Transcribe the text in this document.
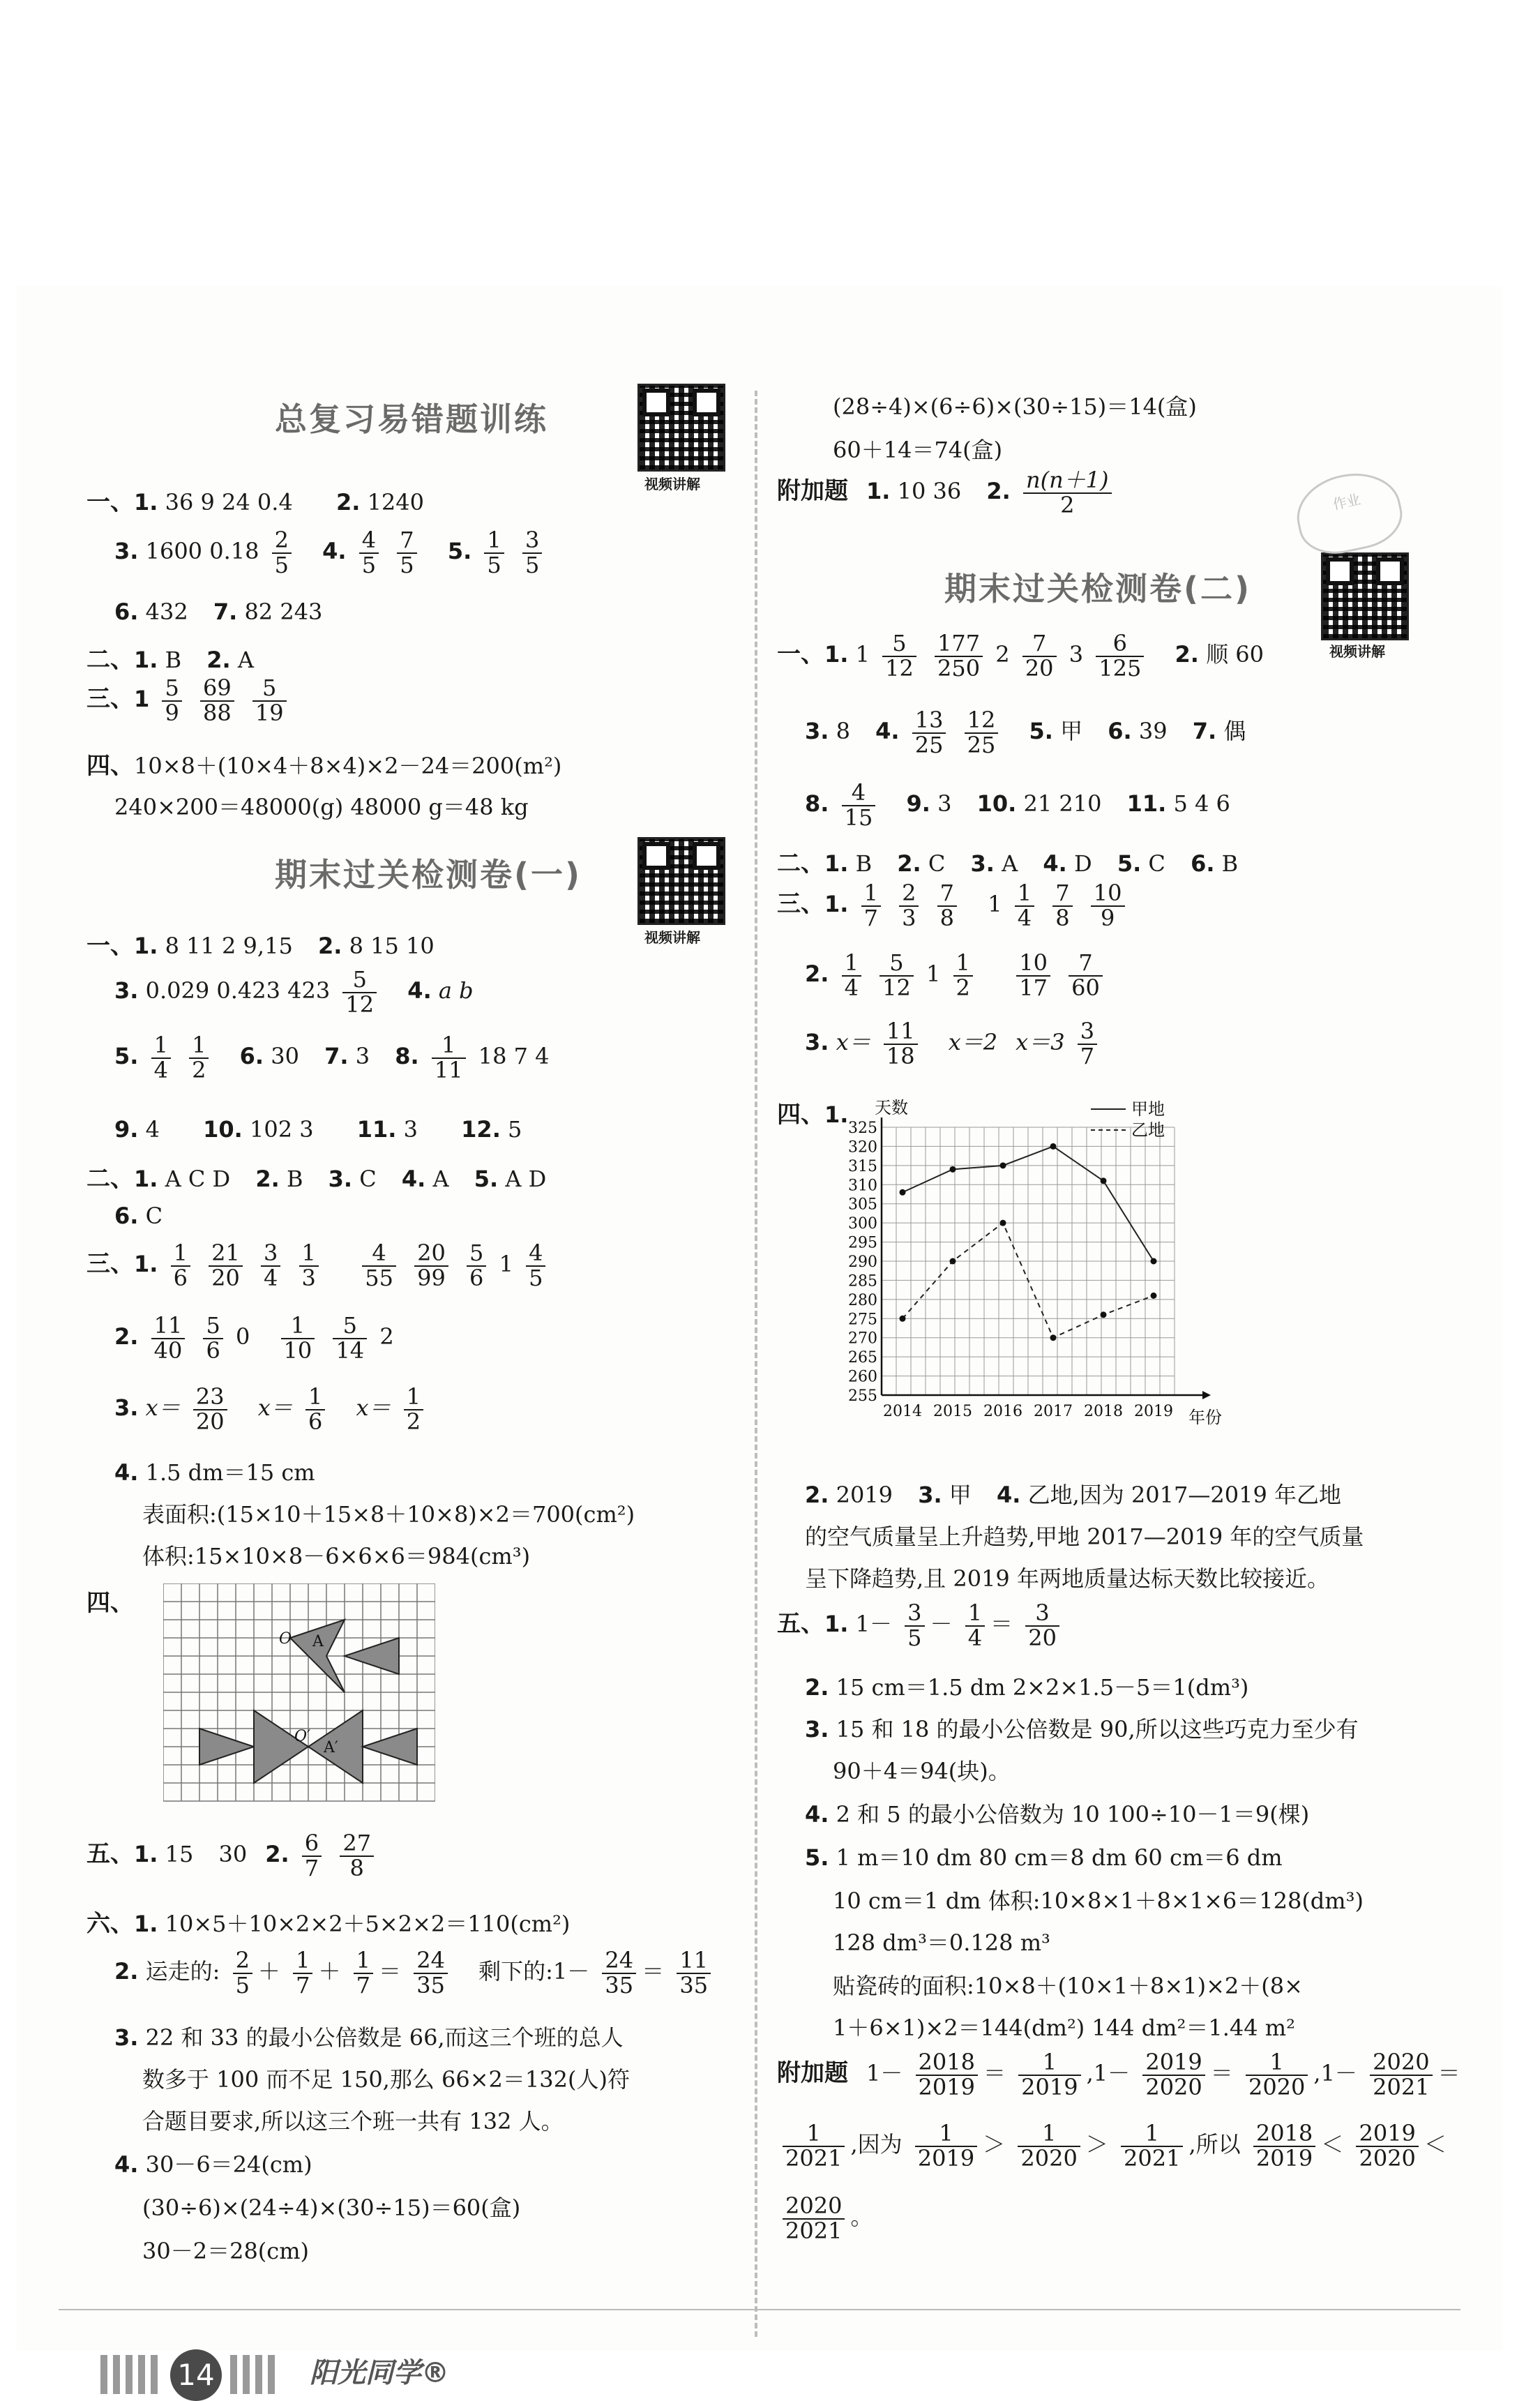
总复习易错题训练
视频讲解
一、1. 36 9 24 0.4̇ 2. 1240
3. 1600 $0.18 \frac{2}{5} 4$. $\frac{4}{5}$
$\frac{7}{5} 5$. $\frac{1}{5}$
$\frac{3}{5}$
6. 432 7. 82 243
二、1. B 2. A
三、$1 \frac{5}{9}$
$\frac{69}{88}$
$\frac{5}{19}$
四、10×8＋(10×4＋8×4)×2－24＝200(m²)
240×200＝48000(g) 48000 g＝48 kg
期末过关检测卷(一)
视频讲解
一、1. 8 11 2 9,15 2. 8 15 10
3. 0.029 0.423 $423 \frac{5}{12} 4$. a b
5. $\frac{1}{4}$
$\frac{1}{2} 6$. 30 7. 3 8. $\frac{1}{11} 18$ 7 4
9. 4 10. 102 3 11. 3 12. 5
二、1. A C D 2. B 3. C 4. A 5. A D
6. C
三、1. $\frac{1}{6}$
$\frac{21}{20}$
$\frac{3}{4}$
$\frac{1}{3}$
$\frac{4}{55}$
$\frac{20}{99}$
$\frac{5}{6} 1 \frac{4}{5}$
2. $\frac{11}{40}$
$\frac{5}{6} 0 \frac{1}{10}$
$\frac{5}{14} 2$
3. $x= \frac{23}{20} x= \frac{1}{6} x= \frac{1}{2}$
4. 1.5 dm＝15 cm
表面积:(15×10＋15×8＋10×8)×2＝700(cm²)
体积:15×10×8－6×6×6＝984(cm³)
四、
O A
O′
A′
五、1. 15 30 2. $\frac{6}{7}$
$\frac{27}{8}$
六、1. 10×5＋10×2×2＋5×2×2＝110(cm²)
2. 运走的: $\frac{2}{5} + \frac{1}{7} + \frac{1}{7} = \frac{24}{35}$ 剩下的:1－ $\frac{24}{35} = \frac{11}{35}$
3. 22 和 33 的最小公倍数是 66,而这三个班的总人
数多于 100 而不足 150,那么 66×2＝132(人)符
合题目要求,所以这三个班一共有 132 人。
4. 30－6＝24(cm)
(30÷6)×(24÷4)×(30÷15)＝60(盒)
30－2＝28(cm)
(28÷4)×(6÷6)×(30÷15)＝14(盒)
60＋14＝74(盒)
附加题 1. 10 36 2. $\frac{n(n+1)}{2}$
期末过关检测卷(二)
视频讲解
一、1. $1 \frac{5}{12}$
$\frac{177}{250} 2 \frac{7}{20} 3 \frac{6}{125} 2$. 顺 60
3. 8 4. $\frac{13}{25}$
$\frac{12}{25} 5$. 甲 6. 39 7. 偶
8. $\frac{4}{15} 9$. 3 10. 21 210 11. 5 4 6
二、1. B 2. C 3. A 4. D 5. C 6. B
三、1. $\frac{1}{7}$
$\frac{2}{3}$
$\frac{7}{8} 1 \frac{1}{4}$
$\frac{7}{8}$
$\frac{10}{9}$
2. $\frac{1}{4}$
$\frac{5}{12} 1 \frac{1}{2}$
$\frac{10}{17}$
$\frac{7}{60}$
3. $x= \frac{11}{18} x=2$ $x=3 \frac{3}{7}$
四、1. 天数
年份
255
260
265
270
275
280
285
290
295
300
305
310
315
320
325
2014 2015 2016 2017 2018 2019
甲地
乙地
作业
2. 2019 3. 甲 4. 乙地,因为 2017—2019 年乙地
的空气质量呈上升趋势,甲地 2017—2019 年的空气质量
呈下降趋势,且 2019 年两地质量达标天数比较接近。
五、1. $1- \frac{3}{5} - \frac{1}{4} = \frac{3}{20}$
2. 15 cm＝1.5 dm 2×2×1.5－5＝1(dm³)
3. 15 和 18 的最小公倍数是 90,所以这些巧克力至少有
90＋4＝94(块)。
4. 2 和 5 的最小公倍数为 10 100÷10－1＝9(棵)
5. 1 m＝10 dm 80 cm＝8 dm 60 cm＝6 dm
10 cm＝1 dm 体积:10×8×1＋8×1×6＝128(dm³)
128 dm³＝0.128 m³
贴瓷砖的面积:10×8＋(10×1＋8×1)×2＋(8×
1＋6×1)×2＝144(dm²) 144 dm²＝1.44 m²
附加题 $1- \frac{2018}{2019} = \frac{1}{2019} ,1- \frac{2019}{2020} = \frac{1}{2020} ,1- \frac{2020}{2021}$ ＝
$\frac{1}{2021}$ ,因为 $\frac{1}{2019} > \frac{1}{2020} > \frac{1}{2021}$ ,所以 $\frac{2018}{2019} < \frac{2019}{2020}$ ＜
$\frac{2020}{2021}$ 。
14	阳光同学®
